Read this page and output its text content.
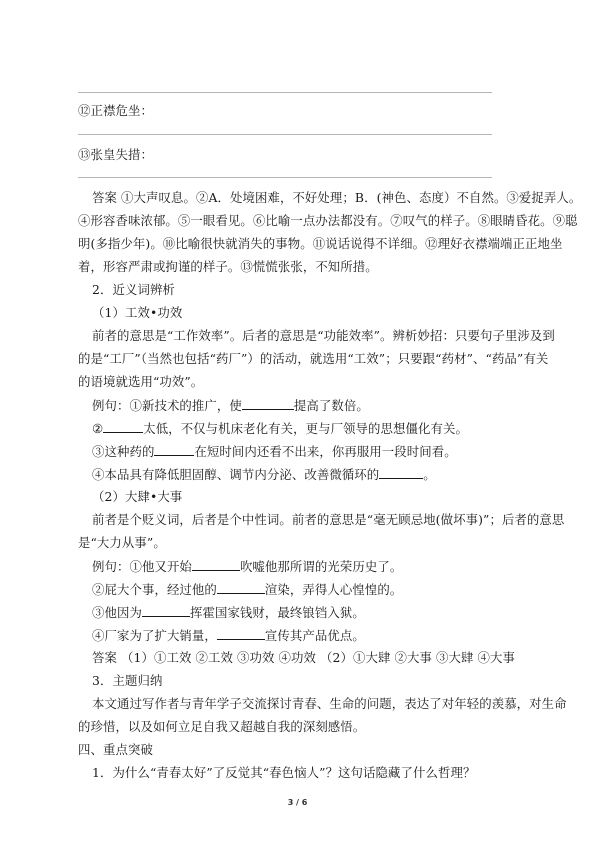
⑫正襟危坐：
⑬张皇失措：
答案 ①大声叹息。②A．处境困难，不好处理；B．(神色、态度）不自然。③爱捉弄人。
④形容香味浓郁。⑤一眼看见。⑥比喻一点办法都没有。⑦叹气的样子。⑧眼睛昏花。⑨聪
明(多指少年)。⑩比喻很快就消失的事物。⑪说话说得不详细。⑫理好衣襟端端正正地坐
着，形容严肃或拘谨的样子。⑬慌慌张张，不知所措。
2．近义词辨析
（1）工效•功效
前者的意思是“工作效率”。后者的意思是“功能效率”。辨析妙招：只要句子里涉及到
的是“工厂”（当然也包括“药厂”）的活动，就选用“工效”；只要跟“药材”、“药品”有关
的语境就选用“功效”。
例句：①新技术的推广，使	提高了数倍。
②	太低，不仅与机床老化有关，更与厂领导的思想僵化有关。
③这种药的	在短时间内还看不出来，你再服用一段时间看。
④本品具有降低胆固醇、调节内分泌、改善微循环的	。
（2）大肆•大事
前者是个贬义词，后者是个中性词。前者的意思是“毫无顾忌地(做坏事)”；后者的意思
是“大力从事”。
例句：①他又开始	吹嘘他那所谓的光荣历史了。
②屁大个事，经过他的	渲染，弄得人心惶惶的。
③他因为	挥霍国家钱财，最终锒铛入狱。
④厂家为了扩大销量，	宣传其产品优点。
答案 （1）①工效 ②工效 ③功效 ④功效 （2）①大肆 ②大事 ③大肆 ④大事
3．主题归纳
本文通过写作者与青年学子交流探讨青春、生命的问题，表达了对年轻的羡慕，对生命
的珍惜，以及如何立足自我又超越自我的深刻感悟。
四、重点突破
1．为什么“青春太好”了反觉其“春色恼人”？这句话隐藏了什么哲理？
3 / 6
